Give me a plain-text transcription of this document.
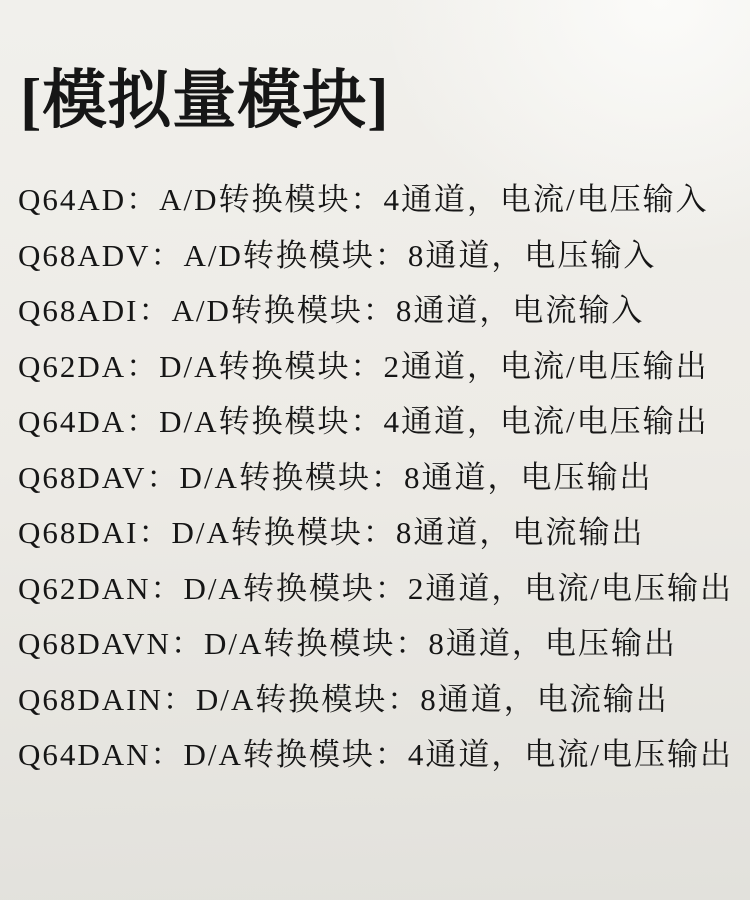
[模拟量模块]
Q64AD：A/D转换模块：4通道，电流/电压输入
Q68ADV：A/D转换模块：8通道，电压输入
Q68ADI：A/D转换模块：8通道，电流输入
Q62DA：D/A转换模块：2通道，电流/电压输出
Q64DA：D/A转换模块：4通道，电流/电压输出
Q68DAV：D/A转换模块：8通道，电压输出
Q68DAI：D/A转换模块：8通道，电流输出
Q62DAN：D/A转换模块：2通道，电流/电压输出
Q68DAVN：D/A转换模块：8通道，电压输出
Q68DAIN：D/A转换模块：8通道，电流输出
Q64DAN：D/A转换模块：4通道，电流/电压输出
